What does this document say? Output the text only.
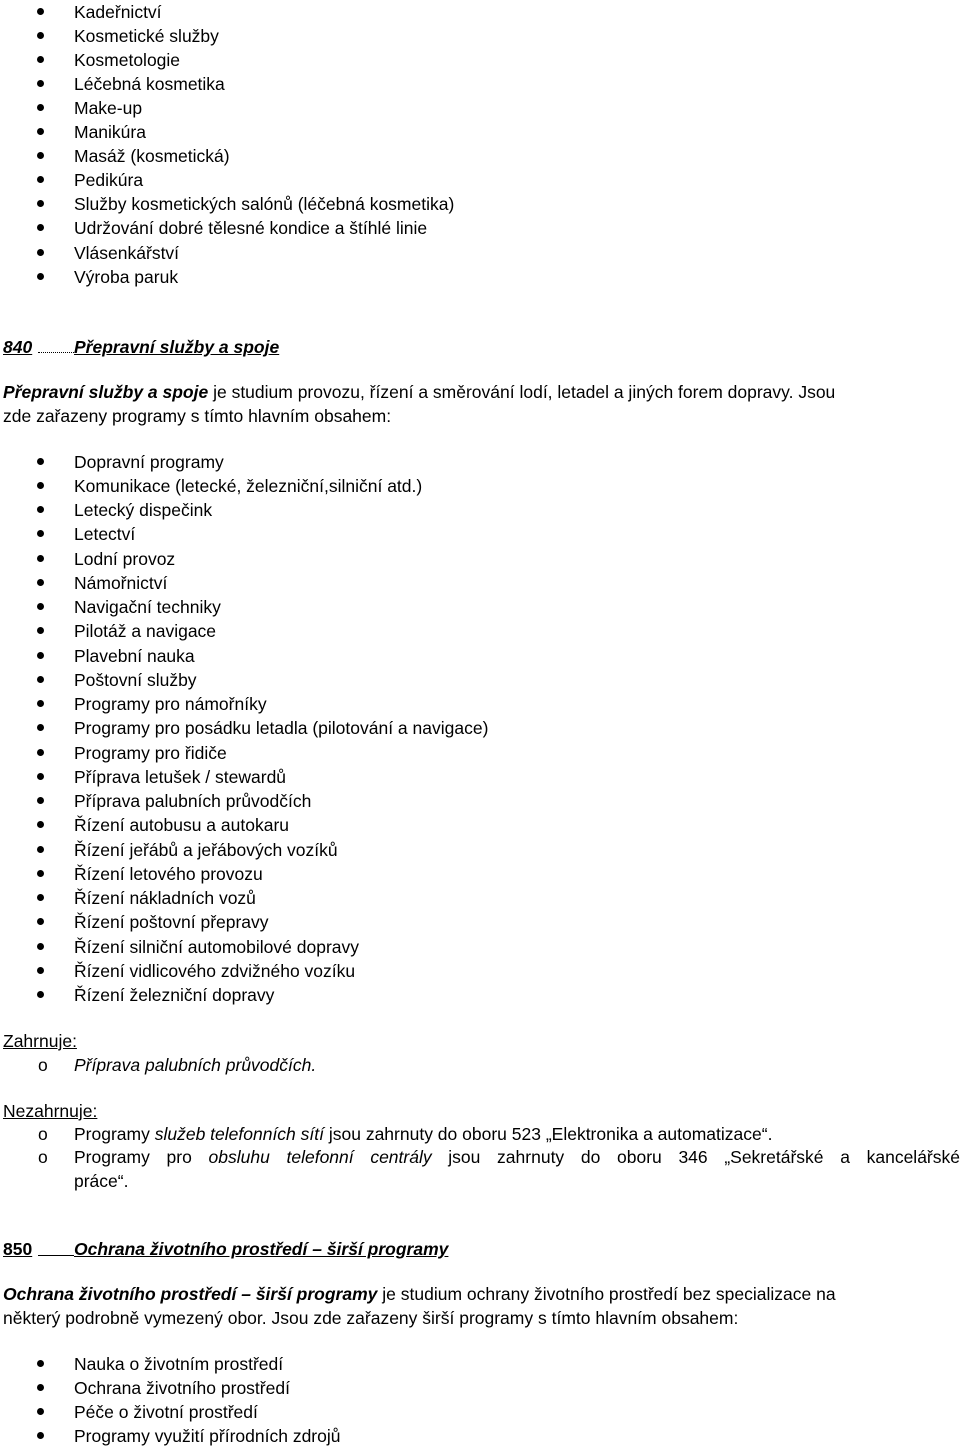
Kadeřnictví
Kosmetické služby
Kosmetologie
Léčebná kosmetika
Make-up
Manikúra
Masáž (kosmetická)
Pedikúra
Služby kosmetických salónů (léčebná kosmetika)
Udržování dobré tělesné kondice a štíhlé linie
Vlásenkářství
Výroba paruk
840 Přepravní služby a spoje
Přepravní služby a spoje je studium provozu, řízení a směrování lodí, letadel a jiných forem dopravy. Jsou
zde zařazeny programy s tímto hlavním obsahem:
Dopravní programy
Komunikace (letecké, železniční,silniční atd.)
Letecký dispečink
Letectví
Lodní provoz
Námořnictví
Navigační techniky
Pilotáž a navigace
Plavební nauka
Poštovní služby
Programy pro námořníky
Programy pro posádku letadla (pilotování a navigace)
Programy pro řidiče
Příprava letušek / stewardů
Příprava palubních průvodčích
Řízení autobusu a autokaru
Řízení jeřábů a jeřábových vozíků
Řízení letového provozu
Řízení nákladních vozů
Řízení poštovní přepravy
Řízení silniční automobilové dopravy
Řízení vidlicového zdvižného vozíku
Řízení železniční dopravy
Zahrnuje:
o Příprava palubních průvodčích.
Nezahrnuje:
o Programy služeb telefonních sítí jsou zahrnuty do oboru 523 „Elektronika a automatizace“.
o Programy pro obsluhu telefonní centrály jsou zahrnuty do oboru 346 „Sekretářské a kancelářské
práce“.
850 Ochrana životního prostředí – širší programy
Ochrana životního prostředí – širší programy je studium ochrany životního prostředí bez specializace na
některý podrobně vymezený obor. Jsou zde zařazeny širší programy s tímto hlavním obsahem:
Nauka o životním prostředí
Ochrana životního prostředí
Péče o životní prostředí
Programy využití přírodních zdrojů
